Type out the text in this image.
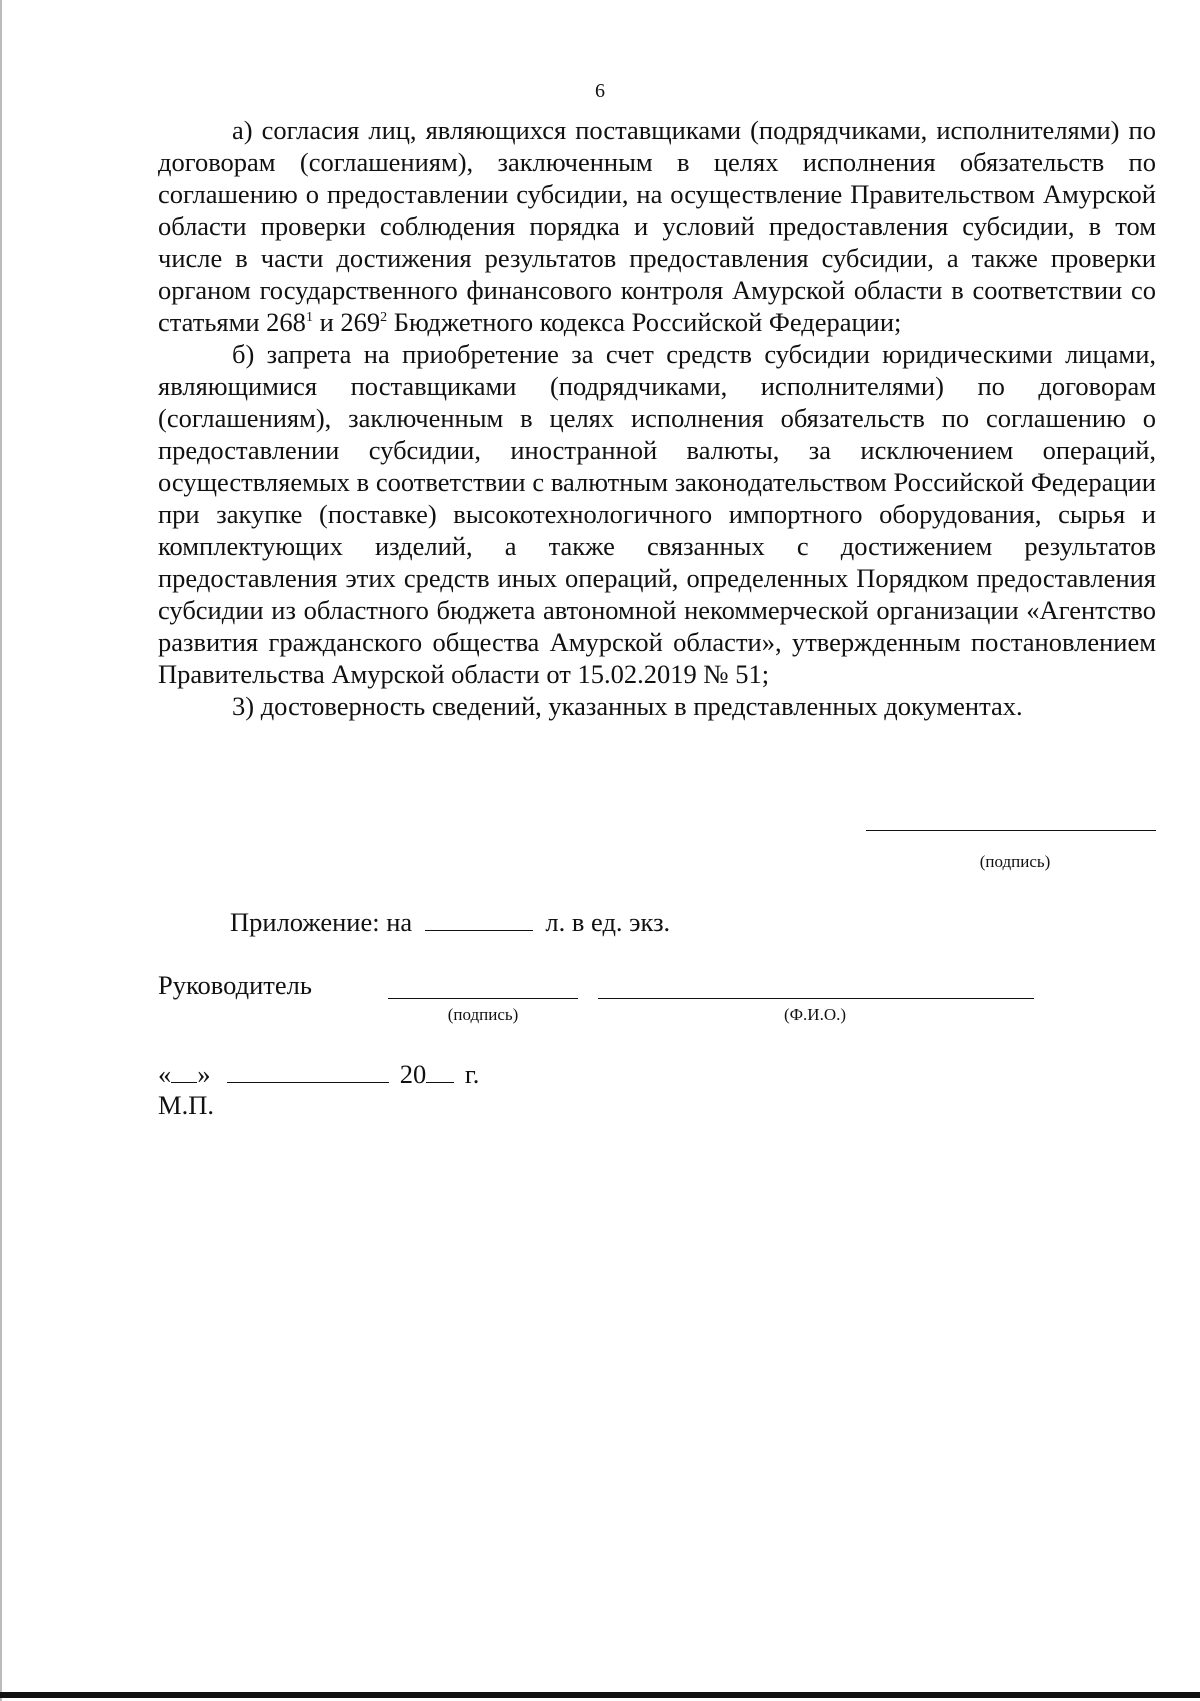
6

а) согласия лиц, являющихся поставщиками (подрядчиками, исполнителями) по договорам (соглашениям), заключенным в целях исполнения обязательств по соглашению о предоставлении субсидии, на осуществление Правительством Амурской области проверки соблюдения порядка и условий предоставления субсидии, в том числе в части достижения результатов предоставления субсидии, а также проверки органом государственного финансового контроля Амурской области в соответствии со статьями $268^1$ и $269^2$ Бюджетного кодекса Российской Федерации;

б) запрета на приобретение за счет средств субсидии юридическими лицами, являющимися поставщиками (подрядчиками, исполнителями) по договорам (соглашениям), заключенным в целях исполнения обязательств по соглашению о предоставлении субсидии, иностранной валюты, за исключением операций, осуществляемых в соответствии с валютным законодательством Российской Федерации при закупке (поставке) высокотехнологичного импортного оборудования, сырья и комплектующих изделий, а также связанных с достижением результатов предоставления этих средств иных операций, определенных Порядком предоставления субсидии из областного бюджета автономной некоммерческой организации «Агентство развития гражданского общества Амурской области», утвержденным постановлением Правительства Амурской области от 15.02.2019 № 51;

3) достоверность сведений, указанных в представленных документах.

(подпись)
Приложение: на	л. в ед. экз.
Руководитель
(подпись)	(Ф.И.О.)
« »	20 г.
М.П.
